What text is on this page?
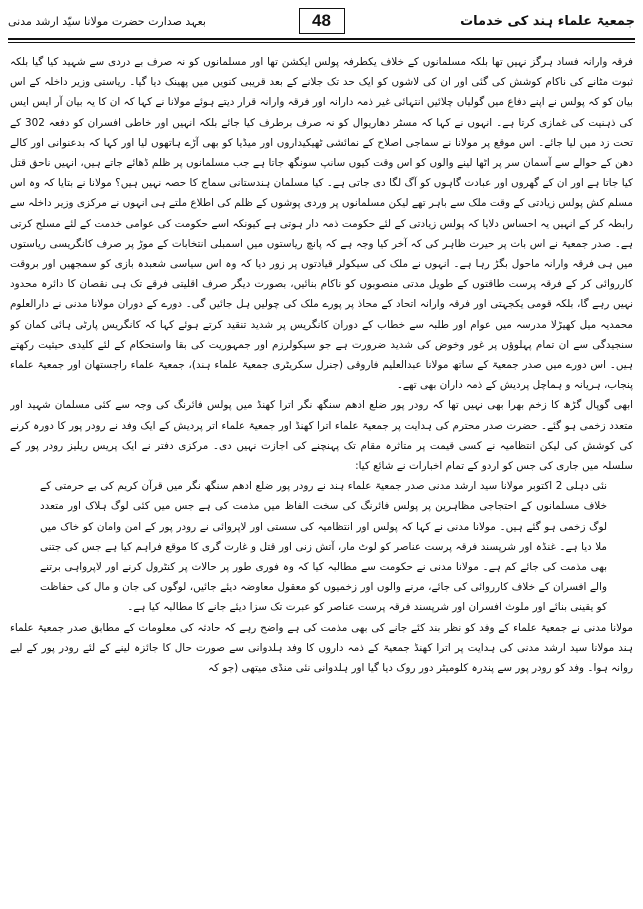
بعہد صدارت حضرت مولانا سیّد ارشد مدنی	48	جمعیۃ علماء ہند کی خدمات

فرقہ وارانہ فساد ہرگز نہیں تھا بلکہ مسلمانوں کے خلاف یکطرفہ پولس ایکشن تھا اور مسلمانوں کو نہ صرف بے دردی سے شہید کیا گیا بلکہ ثبوت مٹانے کی ناکام کوشش کی گئی اور ان کی لاشوں کو ایک حد تک جلانے کے بعد قریبی کنویں میں پھینک دیا گیا۔ ریاستی وزیر داخلہ کے اس بیان کو کہ پولس نے اپنے دفاع میں گولیاں چلائیں انتہائی غیر ذمہ دارانہ اور فرقہ وارانہ قرار دیتے ہوئے مولانا نے کہا کہ ان کا یہ بیان آر ایس ایس کی ذہنیت کی غمازی کرتا ہے۔ انہوں نے کہا کہ مسٹر دھاریوال کو نہ صرف برطرف کیا جائے بلکہ انہیں اور خاطی افسران کو دفعہ 302 کے تحت زد میں لیا جائے۔ اس موقع پر مولانا نے سماجی اصلاح کے نمائشی ٹھیکیداروں اور میڈیا کو بھی آڑے ہاتھوں لیا اور کہا کہ بدعنوانی اور کالے دھن کے حوالے سے آسمان سر پر اٹھا لینے والوں کو اس وقت کیوں سانپ سونگھ جاتا ہے جب مسلمانوں پر ظلم ڈھائے جاتے ہیں، انہیں ناحق قتل کیا جاتا ہے اور ان کے گھروں اور عبادت گاہوں کو آگ لگا دی جاتی ہے۔ کیا مسلمان ہندستانی سماج کا حصہ نہیں ہیں؟ مولانا نے بتایا کہ وہ اس مسلم کش پولس زیادتی کے وقت ملک سے باہر تھے لیکن مسلمانوں پر وردی پوشوں کے ظلم کی اطلاع ملتے ہی انہوں نے مرکزی وزیر داخلہ سے رابطہ کر کے انہیں یہ احساس دلایا کہ پولس زیادتی کے لئے حکومت ذمہ دار ہوتی ہے کیونکہ اسے حکومت کی عوامی خدمت کے لئے مسلح کرتی ہے۔ صدر جمعیۃ نے اس بات پر حیرت ظاہر کی کہ آخر کیا وجہ ہے کہ پانچ ریاستوں میں اسمبلی انتخابات کے موڑ پر صرف کانگریسی ریاستوں میں ہی فرقہ وارانہ ماحول بگڑ رہا ہے۔ انہوں نے ملک کی سیکولر قیادتوں پر زور دیا کہ وہ اس سیاسی شعبدہ بازی کو سمجھیں اور بروقت کارروائی کر کے فرقہ پرست طاقتوں کے طویل مدتی منصوبوں کو ناکام بنائیں، بصورت دیگر صرف اقلیتی فرقے تک ہی نقصان کا دائرہ محدود نہیں رہے گا، بلکہ قومی یکجہتی اور فرقہ وارانہ اتحاد کے محاذ پر پورے ملک کی چولیں ہل جائیں گی۔ دورے کے دوران مولانا مدنی نے دارالعلوم محمدیہ میل کھیڑلا مدرسہ میں عوام اور طلبہ سے خطاب کے دوران کانگریس پر شدید تنقید کرتے ہوئے کہا کہ کانگریس پارٹی ہائی کمان کو سنجیدگی سے ان تمام پہلوؤں پر غور وخوض کی شدید ضرورت ہے جو سیکولرزم اور جمہوریت کی بقا واستحکام کے لئے کلیدی حیثیت رکھتے ہیں۔ اس دورے میں صدر جمعیۃ کے ساتھ مولانا عبدالعلیم فاروقی (جنرل سکریٹری جمعیۃ علماء ہند)، جمعیۃ علماء راجستھان اور جمعیۃ علماء پنجاب، ہریانہ و ہماچل پردیش کے ذمہ داران بھی تھے۔

ابھی گوپال گڑھ کا زخم بھرا بھی نہیں تھا کہ رودر پور ضلع ادھم سنگھ نگر اترا کھنڈ میں پولس فائرنگ کی وجہ سے کئی مسلمان شہید اور متعدد زخمی ہو گئے۔ حضرت صدر محترم کی ہدایت پر جمعیۃ علماء اترا کھنڈ اور جمعیۃ علماء اتر پردیش کے ایک وفد نے رودر پور کا دورہ کرنے کی کوشش کی لیکن انتظامیہ نے کسی قیمت پر متاثرہ مقام تک پہنچنے کی اجازت نہیں دی۔ مرکزی دفتر نے ایک پریس ریلیز رودر پور کے سلسلہ میں جاری کی جس کو اردو کے تمام اخبارات نے شائع کیا:

نئی دہلی 2 اکتوبر مولانا سید ارشد مدنی صدر جمعیۃ علماء ہند نے رودر پور ضلع ادھم سنگھ نگر میں قرآن کریم کی بے حرمتی کے خلاف مسلمانوں کے احتجاجی مظاہرین پر پولس فائرنگ کی سخت الفاظ میں مذمت کی ہے جس میں کئی لوگ ہلاک اور متعدد لوگ زخمی ہو گئے ہیں۔ مولانا مدنی نے کہا کہ پولس اور انتظامیہ کی سستی اور لاپروائی نے رودر پور کے امن وامان کو خاک میں ملا دیا ہے۔ غنڈہ اور شرپسند فرقہ پرست عناصر کو لوٹ مار، آتش زنی اور قتل و غارت گری کا موقع فراہم کیا ہے جس کی جتنی بھی مذمت کی جائے کم ہے۔ مولانا مدنی نے حکومت سے مطالبہ کیا کہ وہ فوری طور پر حالات پر کنٹرول کرنے اور لاپرواہی برتنے والے افسران کے خلاف کارروائی کی جائے، مرنے والوں اور زخمیوں کو معقول معاوضہ دیئے جائیں، لوگوں کی جان و مال کی حفاظت کو یقینی بنائے اور ملوث افسران اور شرپسند فرقہ پرست عناصر کو عبرت تک سزا دیئے جانے کا مطالبہ کیا ہے۔

مولانا مدنی نے جمعیۃ علماء کے وفد کو نظر بند کئے جانے کی بھی مذمت کی ہے واضح رہے کہ حادثہ کی معلومات کے مطابق صدر جمعیۃ علماء ہند مولانا سید ارشد مدنی کی ہدایت پر اترا کھنڈ جمعیۃ کے ذمہ داروں کا وفد ہلدوانی سے صورت حال کا جائزہ لینے کے لئے رودر پور کے لیے روانہ ہوا۔ وفد کو رودر پور سے پندرہ کلومیٹر دور روک دیا گیا اور ہلدوانی نئی منڈی میتھی (جو کہ
